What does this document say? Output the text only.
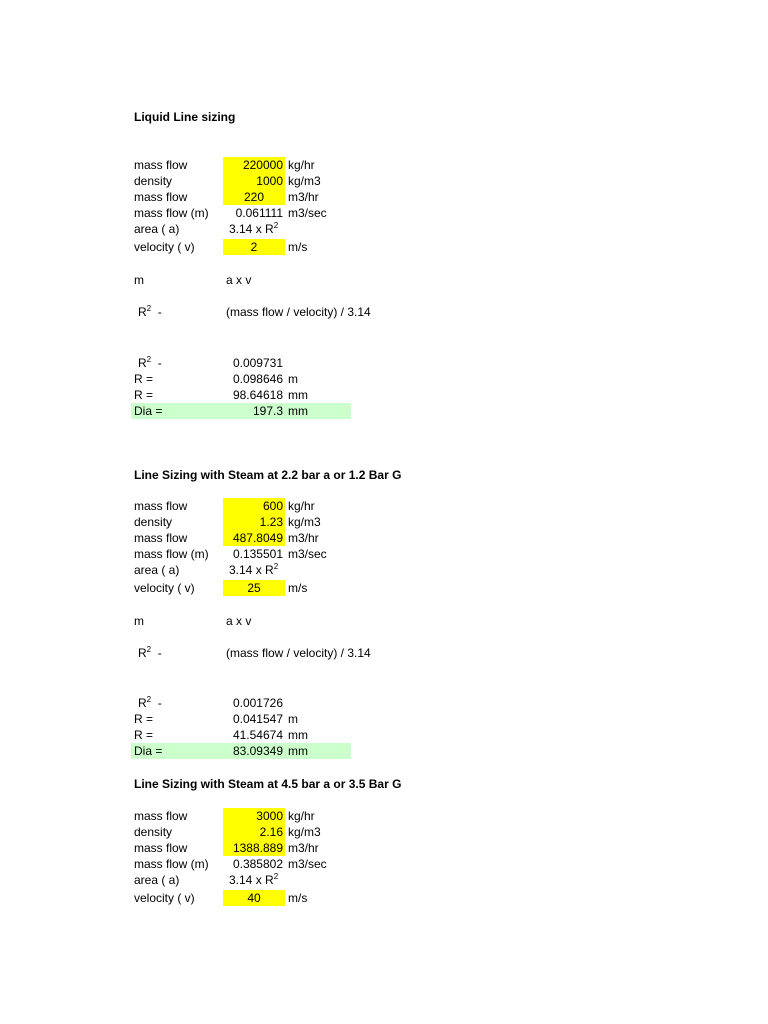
Liquid Line sizing
mass flow	220000 kg/hr
density	1000 kg/m3
mass flow	220	m3/hr
mass flow (m)	0.061111 m3/sec
area ( a)	3.14 x $R^2$
velocity ( v)	2	m/s
m	a x v
$R^2$ -	(mass flow / velocity) / 3.14
$R^2$ -	0.009731
R =	0.098646 m
R =	98.64618 mm
Dia =	197.3 mm
Line Sizing with Steam at 2.2 bar a or 1.2 Bar G
mass flow	600 kg/hr
density	1.23 kg/m3
mass flow	487.8049 m3/hr
mass flow (m)	0.135501 m3/sec
area ( a)	3.14 x $R^2$
velocity ( v)	25	m/s
m	a x v
$R^2$ -	(mass flow / velocity) / 3.14
$R^2$ -	0.001726
R =	0.041547 m
R =	41.54674 mm
Dia =	83.09349 mm
Line Sizing with Steam at 4.5 bar a or 3.5 Bar G
mass flow	3000 kg/hr
density	2.16 kg/m3
mass flow	1388.889 m3/hr
mass flow (m)	0.385802 m3/sec
area ( a)	3.14 x $R^2$
velocity ( v)	40	m/s
